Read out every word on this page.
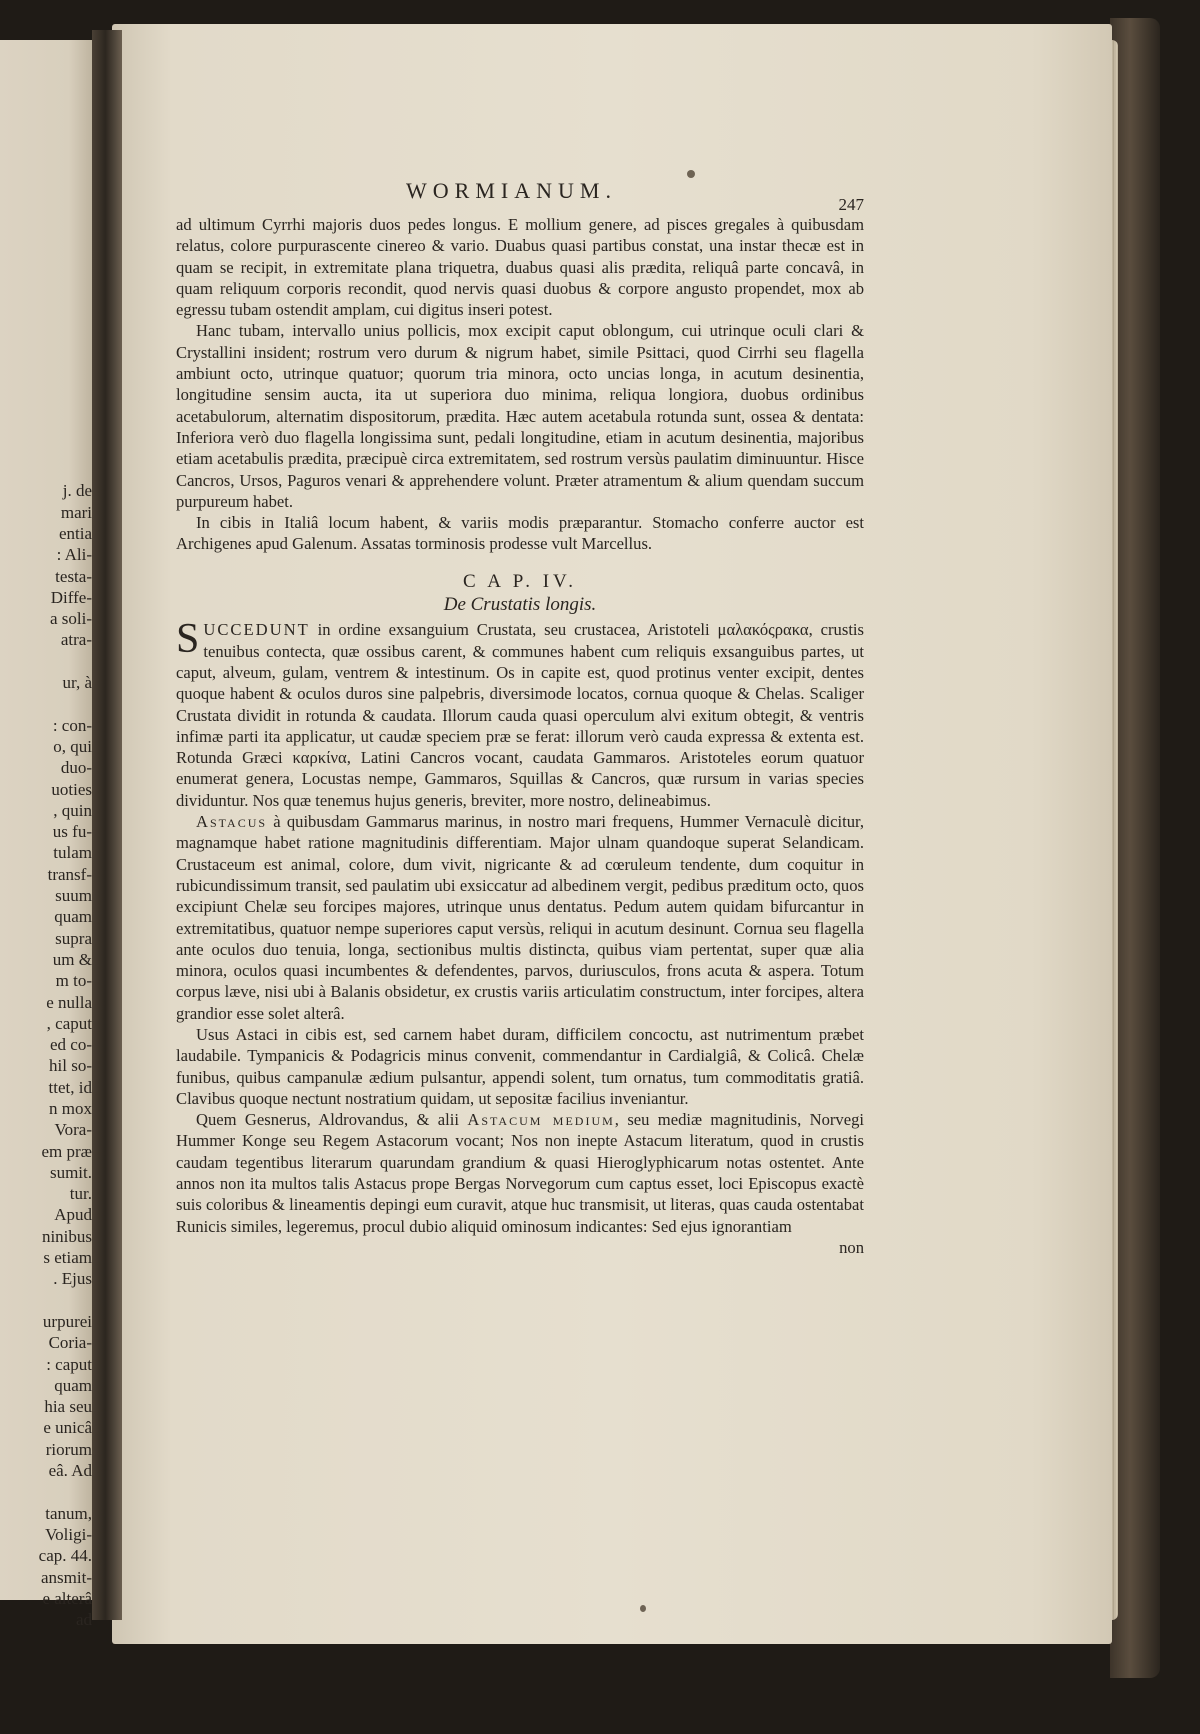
j. de
mari
entia
: Ali-
testa-
Diffe-
a soli-
atra-

ur, à

: con-
o, qui
duo-
uoties
, quin
us fu-
tulam
transf-
suum
quam
supra
um &
m to-
e nulla
, caput
ed co-
hil so-
ttet, id
n mox
Vora-
em præ
sumit.
tur.
Apud
ninibus
s etiam
. Ejus

urpurei
Coria-
: caput
quam
hia seu
e unicâ
riorum
eâ. Ad

tanum,
Voligi-
cap. 44.
ansmit-
e alterâ
ad
WORMIANUM.
247

ad ultimum Cyrrhi majoris duos pedes longus. E mollium genere, ad pisces gregales à quibusdam relatus, colore purpurascente cinereo & vario. Duabus quasi partibus constat, una instar thecæ est in quam se recipit, in extremitate plana triquetra, duabus quasi alis prædita, reliquâ parte concavâ, in quam reliquum corporis recondit, quod nervis quasi duobus & corpore angusto propendet, mox ab egressu tubam ostendit amplam, cui digitus inseri potest.

Hanc tubam, intervallo unius pollicis, mox excipit caput oblongum, cui utrinque oculi clari & Crystallini insident; rostrum vero durum & nigrum habet, simile Psittaci, quod Cirrhi seu flagella ambiunt octo, utrinque quatuor; quorum tria minora, octo uncias longa, in acutum desinentia, longitudine sensim aucta, ita ut superiora duo minima, reliqua longiora, duobus ordinibus acetabulorum, alternatim dispositorum, prædita. Hæc autem acetabula rotunda sunt, ossea & dentata: Inferiora verò duo flagella longissima sunt, pedali longitudine, etiam in acutum desinentia, majoribus etiam acetabulis prædita, præcipuè circa extremitatem, sed rostrum versùs paulatim diminuuntur. Hisce Cancros, Ursos, Paguros venari & apprehendere volunt. Præter atramentum & alium quendam succum purpureum habet.

In cibis in Italiâ locum habent, & variis modis præparantur. Stomacho conferre auctor est Archigenes apud Galenum. Assatas torminosis prodesse vult Marcellus.

C A P. IV.
De Crustatis longis.

SUCCEDUNT in ordine exsanguium Crustata, seu crustacea, Aristoteli μαλακόςρακα, crustis tenuibus contecta, quæ ossibus carent, & communes habent cum reliquis exsanguibus partes, ut caput, alveum, gulam, ventrem & intestinum. Os in capite est, quod protinus venter excipit, dentes quoque habent & oculos duros sine palpebris, diversimode locatos, cornua quoque & Chelas. Scaliger Crustata dividit in rotunda & caudata. Illorum cauda quasi operculum alvi exitum obtegit, & ventris infimæ parti ita applicatur, ut caudæ speciem præ se ferat: illorum verò cauda expressa & extenta est. Rotunda Græci καρκίνα, Latini Cancros vocant, caudata Gammaros. Aristoteles eorum quatuor enumerat genera, Locustas nempe, Gammaros, Squillas & Cancros, quæ rursum in varias species dividuntur. Nos quæ tenemus hujus generis, breviter, more nostro, delineabimus.

Astacus à quibusdam Gammarus marinus, in nostro mari frequens, Hummer Vernaculè dicitur, magnamque habet ratione magnitudinis differentiam. Major ulnam quandoque superat Selandicam. Crustaceum est animal, colore, dum vivit, nigricante & ad cœruleum tendente, dum coquitur in rubicundissimum transit, sed paulatim ubi exsiccatur ad albedinem vergit, pedibus præditum octo, quos excipiunt Chelæ seu forcipes majores, utrinque unus dentatus. Pedum autem quidam bifurcantur in extremitatibus, quatuor nempe superiores caput versùs, reliqui in acutum desinunt. Cornua seu flagella ante oculos duo tenuia, longa, sectionibus multis distincta, quibus viam pertentat, super quæ alia minora, oculos quasi incumbentes & defendentes, parvos, duriusculos, frons acuta & aspera. Totum corpus læve, nisi ubi à Balanis obsidetur, ex crustis variis articulatim constructum, inter forcipes, altera grandior esse solet alterâ.

Usus Astaci in cibis est, sed carnem habet duram, difficilem concoctu, ast nutrimentum præbet laudabile. Tympanicis & Podagricis minus convenit, commendantur in Cardialgiâ, & Colicâ. Chelæ funibus, quibus campanulæ ædium pulsantur, appendi solent, tum ornatus, tum commoditatis gratiâ. Clavibus quoque nectunt nostratium quidam, ut sepositæ facilius inveniantur.

Quem Gesnerus, Aldrovandus, & alii Astacum medium, seu mediæ magnitudinis, Norvegi Hummer Konge seu Regem Astacorum vocant; Nos non inepte Astacum literatum, quod in crustis caudam tegentibus literarum quarundam grandium & quasi Hieroglyphicarum notas ostentet. Ante annos non ita multos talis Astacus prope Bergas Norvegorum cum captus esset, loci Episcopus exactè suis coloribus & lineamentis depingi eum curavit, atque huc transmisit, ut literas, quas cauda ostentabat Runicis similes, legeremus, procul dubio aliquid ominosum indicantes: Sed ejus ignorantiam

non
